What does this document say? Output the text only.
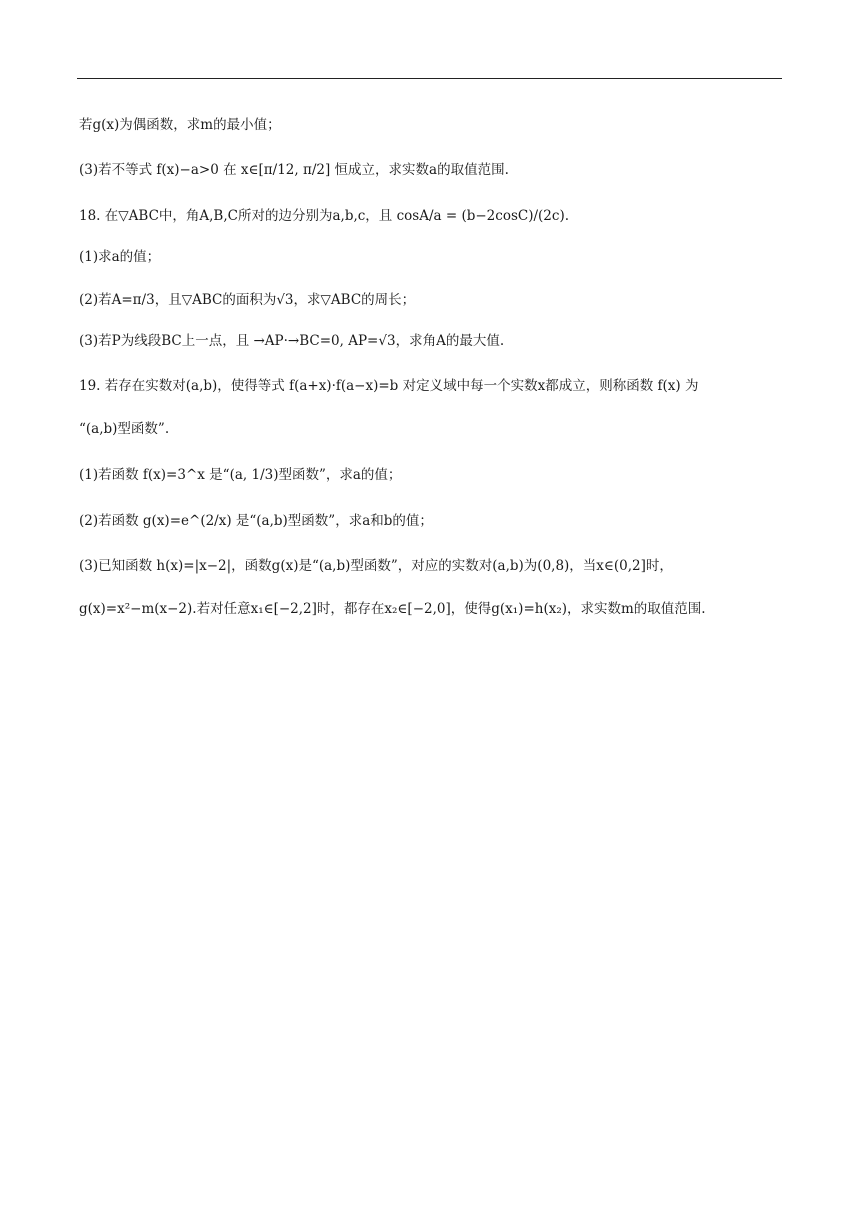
若g(x)为偶函数，求m的最小值；
(3)若不等式 f(x)−a>0 在 x∈[π/12, π/2] 恒成立，求实数a的取值范围.
18. 在▽ABC中，角A,B,C所对的边分别为a,b,c，且 cosA/a = (b−2cosC)/(2c).
(1)求a的值；
(2)若A=π/3，且▽ABC的面积为√3，求▽ABC的周长；
(3)若P为线段BC上一点，且 →AP·→BC=0, AP=√3，求角A的最大值.
19. 若存在实数对(a,b)，使得等式 f(a+x)·f(a−x)=b 对定义域中每一个实数x都成立，则称函数 f(x) 为
“(a,b)型函数”.
(1)若函数 f(x)=3^x 是“(a, 1/3)型函数”，求a的值；
(2)若函数 g(x)=e^(2/x) 是“(a,b)型函数”，求a和b的值；
(3)已知函数 h(x)=|x−2|，函数g(x)是“(a,b)型函数”，对应的实数对(a,b)为(0,8)，当x∈(0,2]时，
g(x)=x²−m(x−2).若对任意x₁∈[−2,2]时，都存在x₂∈[−2,0]，使得g(x₁)=h(x₂)，求实数m的取值范围.
